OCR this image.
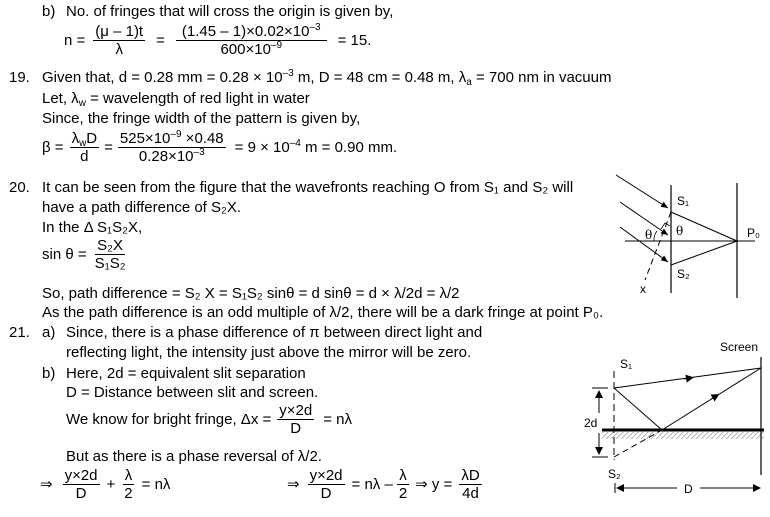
b) No. of fringes that will cross the origin is given by,
$n = \frac{(\mu - 1)t}{\lambda} = \frac{(1.45 - 1)\times 0.02\times 10^{-3}}{600\times 10^{-9}} = 15$.
19. Given that, d = 0.28 mm = $0.28 \times 10^{-3}$ m, D = 48 cm = 0.48 m, $\lambda_a = 700$ nm in vacuum
Let, $\lambda_w$ = wavelength of red light in water
Since, the fringe width of the pattern is given by,
$\beta = \frac{\lambda_wD}{d} = \frac{525\times 10^{-9} \times 0.48}{0.28\times 10^{-3}} = 9 \times 10^{-4}$ m = 0.90 mm.
20. It can be seen from the figure that the wavefronts reaching O from S₁ and S₂ will
have a path difference of S₂X.
In the Δ S₁S₂X,
$\sin \theta = \frac{\text{S₂X}}{\text{S₁S₂}}$
So, path difference = S₂ X = S₁S₂ sinθ = d sinθ = d × λ/2d = λ/2
As the path difference is an odd multiple of λ/2, there will be a dark fringe at point P₀.
S₁
θ
θ	P₀
S₂
x
21. a) Since, there is a phase difference of π between direct light and
reflecting light, the intensity just above the mirror will be zero.
b) Here, 2d = equivalent slit separation
D = Distance between slit and screen.
We know for bright fringe, $\Delta x = \frac{y\times 2d}{D} = n\lambda$
But as there is a phase reversal of λ/2.
⇒ $\frac{y\times 2d}{D} + \frac{\lambda}{2} = n\lambda$	⇒ $\frac{y\times 2d}{D} = n\lambda - \frac{\lambda}{2}$ ⇒ $y = \frac{\lambda D}{4d}$
Screen
S₁
2d
S₂
D
